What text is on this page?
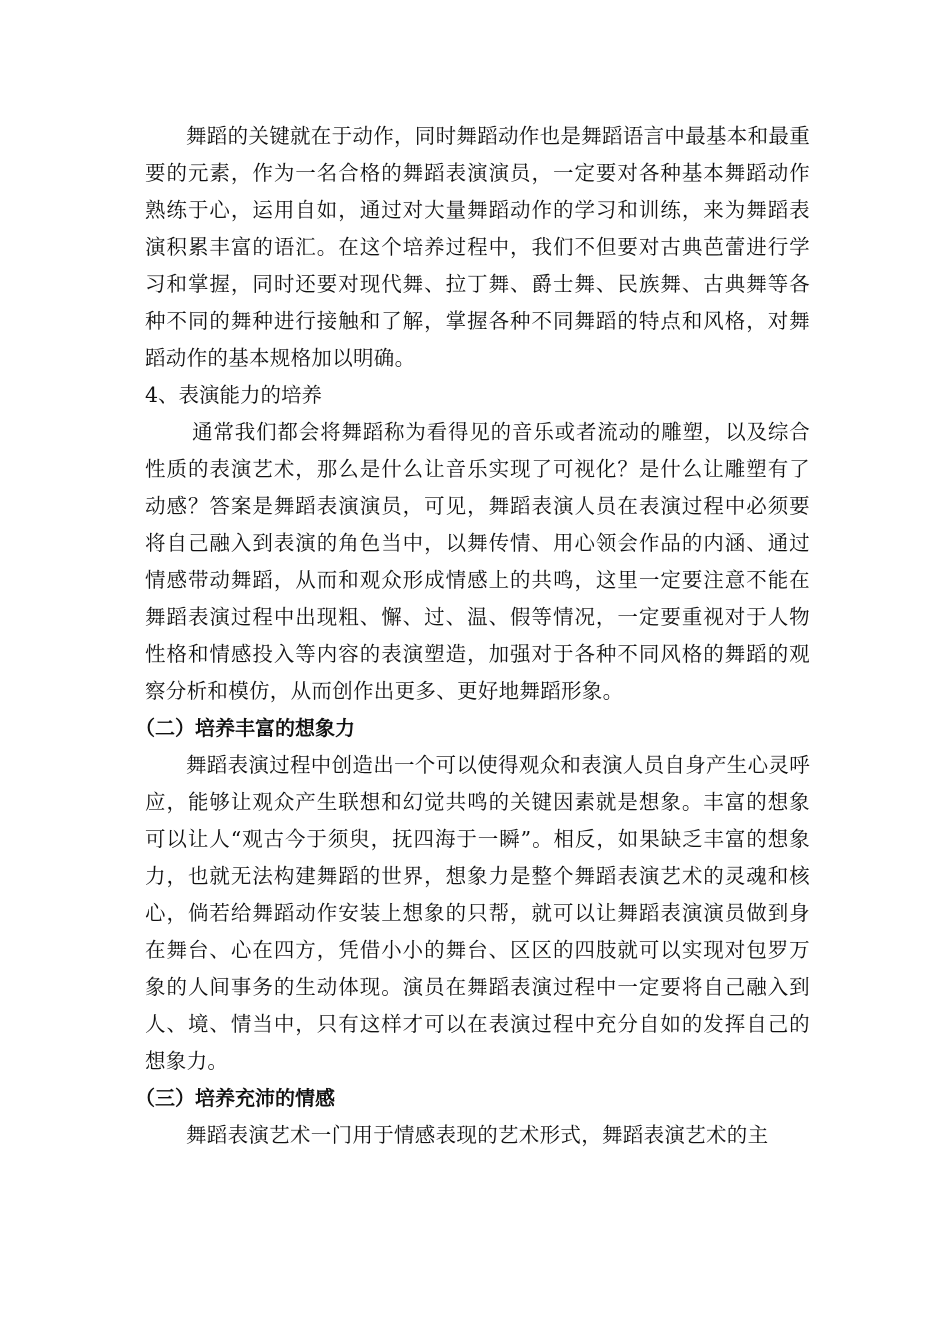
舞蹈的关键就在于动作，同时舞蹈动作也是舞蹈语言中最基本和最重要的元素，作为一名合格的舞蹈表演演员，一定要对各种基本舞蹈动作熟练于心，运用自如，通过对大量舞蹈动作的学习和训练，来为舞蹈表演积累丰富的语汇。在这个培养过程中，我们不但要对古典芭蕾进行学习和掌握，同时还要对现代舞、拉丁舞、爵士舞、民族舞、古典舞等各种不同的舞种进行接触和了解，掌握各种不同舞蹈的特点和风格，对舞蹈动作的基本规格加以明确。

4、表演能力的培养

通常我们都会将舞蹈称为看得见的音乐或者流动的雕塑，以及综合性质的表演艺术，那么是什么让音乐实现了可视化？是什么让雕塑有了动感？答案是舞蹈表演演员，可见，舞蹈表演人员在表演过程中必须要将自己融入到表演的角色当中，以舞传情、用心领会作品的内涵、通过情感带动舞蹈，从而和观众形成情感上的共鸣，这里一定要注意不能在舞蹈表演过程中出现粗、懈、过、温、假等情况，一定要重视对于人物性格和情感投入等内容的表演塑造，加强对于各种不同风格的舞蹈的观察分析和模仿，从而创作出更多、更好地舞蹈形象。

（二）培养丰富的想象力

舞蹈表演过程中创造出一个可以使得观众和表演人员自身产生心灵呼应，能够让观众产生联想和幻觉共鸣的关键因素就是想象。丰富的想象可以让人“观古今于须臾，抚四海于一瞬”。相反，如果缺乏丰富的想象力，也就无法构建舞蹈的世界，想象力是整个舞蹈表演艺术的灵魂和核心，倘若给舞蹈动作安装上想象的只帮，就可以让舞蹈表演演员做到身在舞台、心在四方，凭借小小的舞台、区区的四肢就可以实现对包罗万象的人间事务的生动体现。演员在舞蹈表演过程中一定要将自己融入到人、境、情当中，只有这样才可以在表演过程中充分自如的发挥自己的想象力。

（三）培养充沛的情感

舞蹈表演艺术一门用于情感表现的艺术形式，舞蹈表演艺术的主
